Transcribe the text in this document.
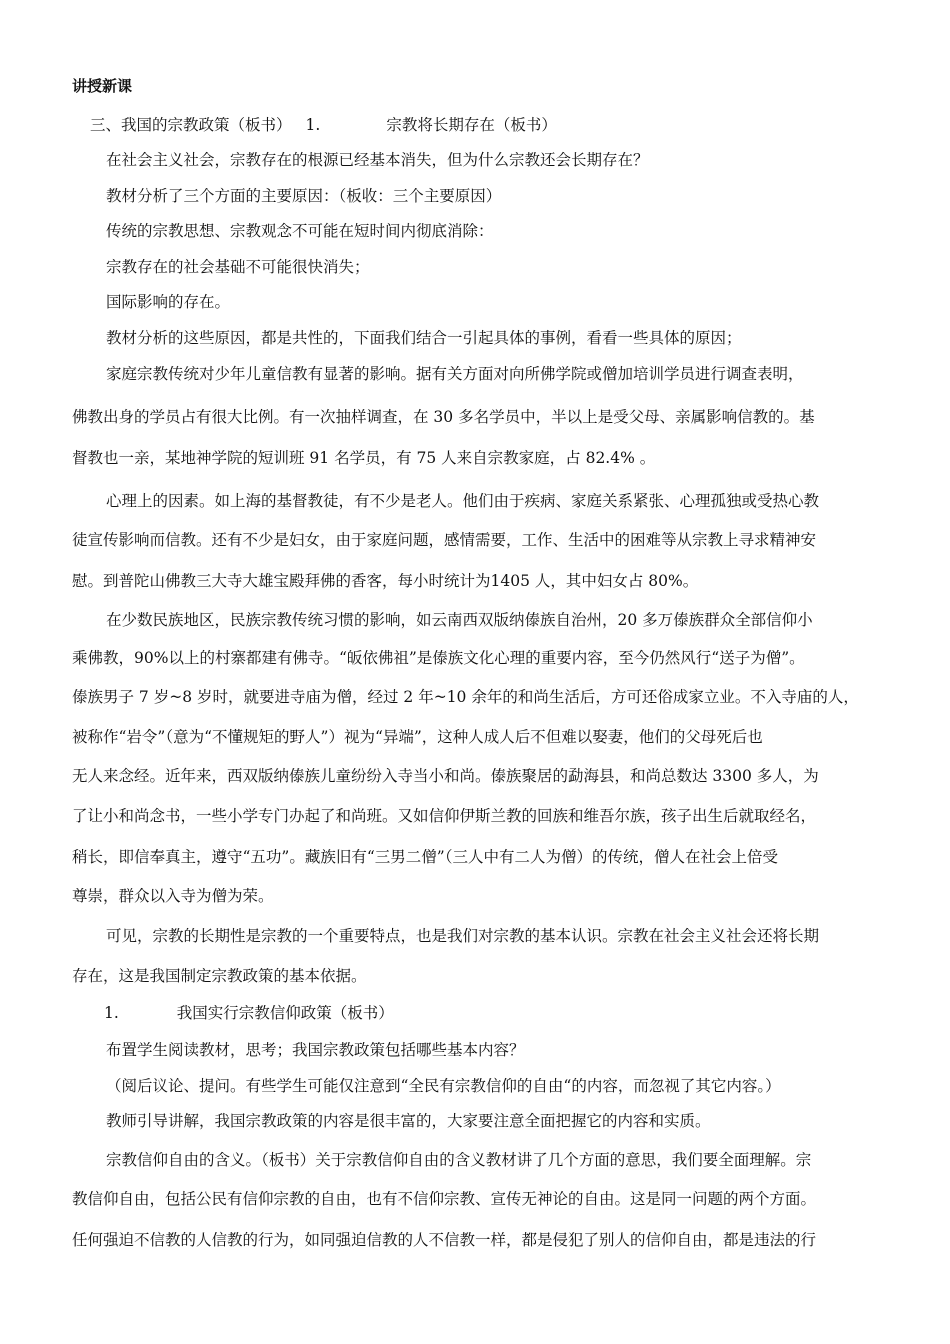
讲授新课
三、我国的宗教政策（板书） 1.	宗教将长期存在（板书）
在社会主义社会，宗教存在的根源已经基本消失，但为什么宗教还会长期存在？
教材分析了三个方面的主要原因：（板收：三个主要原因）
传统的宗教思想、宗教观念不可能在短时间内彻底消除：
宗教存在的社会基础不可能很快消失；
国际影响的存在。
教材分析的这些原因，都是共性的，下面我们结合一引起具体的事例，看看一些具体的原因；
家庭宗教传统对少年儿童信教有显著的影响。据有关方面对向所佛学院或僧加培训学员进行调查表明，
佛教出身的学员占有很大比例。有一次抽样调查，在 30 多名学员中，半以上是受父母、亲属影响信教的。基
督教也一亲，某地神学院的短训班 91 名学员，有 75 人来自宗教家庭，占 82.4% 。
心理上的因素。如上海的基督教徒，有不少是老人。他们由于疾病、家庭关系紧张、心理孤独或受热心教
徒宣传影响而信教。还有不少是妇女，由于家庭问题，感情需要，工作、生活中的困难等从宗教上寻求精神安
慰。到普陀山佛教三大寺大雄宝殿拜佛的香客，每小时统计为1405 人，其中妇女占 80%。
在少数民族地区，民族宗教传统习惯的影响，如云南西双版纳傣族自治州，20 多万傣族群众全部信仰小
乘佛教，90%以上的村寨都建有佛寺。“皈依佛祖”是傣族文化心理的重要内容，至今仍然风行“送子为僧”。
傣族男子 7 岁~8 岁时，就要进寺庙为僧，经过 2 年~10 余年的和尚生活后，方可还俗成家立业。不入寺庙的人，
被称作“岩令”（意为“不懂规矩的野人”）视为“异端”，这种人成人后不但难以娶妻，他们的父母死后也
无人来念经。近年来，西双版纳傣族儿童纷纷入寺当小和尚。傣族聚居的勐海县，和尚总数达 3300 多人，为
了让小和尚念书，一些小学专门办起了和尚班。又如信仰伊斯兰教的回族和维吾尔族，孩子出生后就取经名，
稍长，即信奉真主，遵守“五功”。藏族旧有“三男二僧”（三人中有二人为僧）的传统，僧人在社会上倍受
尊崇，群众以入寺为僧为荣。
可见，宗教的长期性是宗教的一个重要特点，也是我们对宗教的基本认识。宗教在社会主义社会还将长期
存在，这是我国制定宗教政策的基本依据。
1.	我国实行宗教信仰政策（板书）
布置学生阅读教材，思考；我国宗教政策包括哪些基本内容？
（阅后议论、提问。有些学生可能仅注意到“全民有宗教信仰的自由“的内容，而忽视了其它内容。）
教师引导讲解，我国宗教政策的内容是很丰富的，大家要注意全面把握它的内容和实质。
宗教信仰自由的含义。（板书）关于宗教信仰自由的含义教材讲了几个方面的意思，我们要全面理解。宗
教信仰自由，包括公民有信仰宗教的自由，也有不信仰宗教、宣传无神论的自由。这是同一问题的两个方面。
任何强迫不信教的人信教的行为，如同强迫信教的人不信教一样，都是侵犯了别人的信仰自由，都是违法的行
